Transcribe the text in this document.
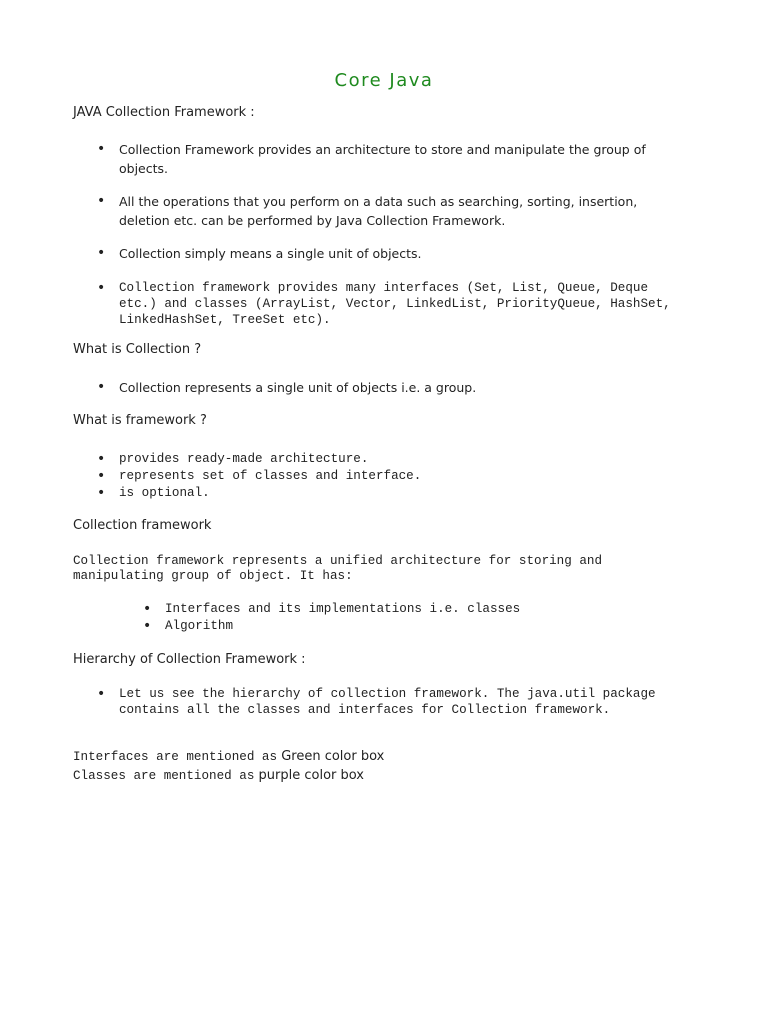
Core Java
JAVA Collection Framework :
• Collection Framework provides an architecture to store and manipulate the group of objects.
• All the operations that you perform on a data such as searching, sorting, insertion, deletion etc. can be performed by Java Collection Framework.
• Collection simply means a single unit of objects.
• Collection framework provides many interfaces (Set, List, Queue, Deque etc.) and classes (ArrayList, Vector, LinkedList, PriorityQueue, HashSet, LinkedHashSet, TreeSet etc).
What is Collection ?
• Collection represents a single unit of objects i.e. a group.
What is framework ?
• provides ready-made architecture.
• represents set of classes and interface.
• is optional.
Collection framework

Collection framework represents a unified architecture for storing and manipulating group of object. It has:

• Interfaces and its implementations i.e. classes
• Algorithm
Hierarchy of Collection Framework :
• Let us see the hierarchy of collection framework. The java.util package contains all the classes and interfaces for Collection framework.

Interfaces are mentioned as Green color box

Classes are mentioned as purple color box
